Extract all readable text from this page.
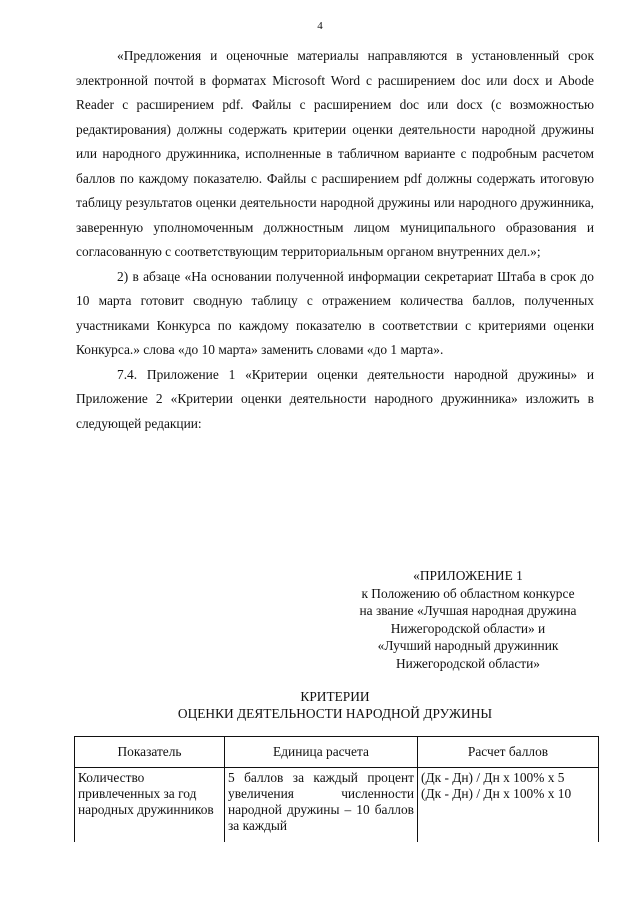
4

«Предложения и оценочные материалы направляются в установленный срок электронной почтой в форматах Microsoft Word с расширением doc или docx и Abode Reader с расширением pdf. Файлы с расширением doc или docx (с возможностью редактирования) должны содержать критерии оценки деятельности народной дружины или народного дружинника, исполненные в табличном варианте с подробным расчетом баллов по каждому показателю. Файлы с расширением pdf должны содержать итоговую таблицу результатов оценки деятельности народной дружины или народного дружинника, заверенную уполномоченным должностным лицом муниципального образования и согласованную с соответствующим территориальным органом внутренних дел.»;

2) в абзаце «На основании полученной информации секретариат Штаба в срок до 10 марта готовит сводную таблицу с отражением количества баллов, полученных участниками Конкурса по каждому показателю в соответствии с критериями оценки Конкурса.» слова «до 10 марта» заменить словами «до 1 марта».

7.4. Приложение 1 «Критерии оценки деятельности народной дружины» и Приложение 2 «Критерии оценки деятельности народного дружинника» изложить в следующей редакции:

«ПРИЛОЖЕНИЕ 1
к Положению об областном конкурсе
на звание «Лучшая народная дружина
Нижегородской области» и
«Лучший народный дружинник
Нижегородской области»
КРИТЕРИИ
ОЦЕНКИ ДЕЯТЕЛЬНОСТИ НАРОДНОЙ ДРУЖИНЫ
Показатель	Единица расчета	Расчет баллов
Количество привлеченных за год народных дружинников	5 баллов за каждый процент увеличения численности народной дружины – 10 баллов за каждый	(Дк - Дн) / Дн х 100% х 5
(Дк - Дн) / Дн х 100% х 10
